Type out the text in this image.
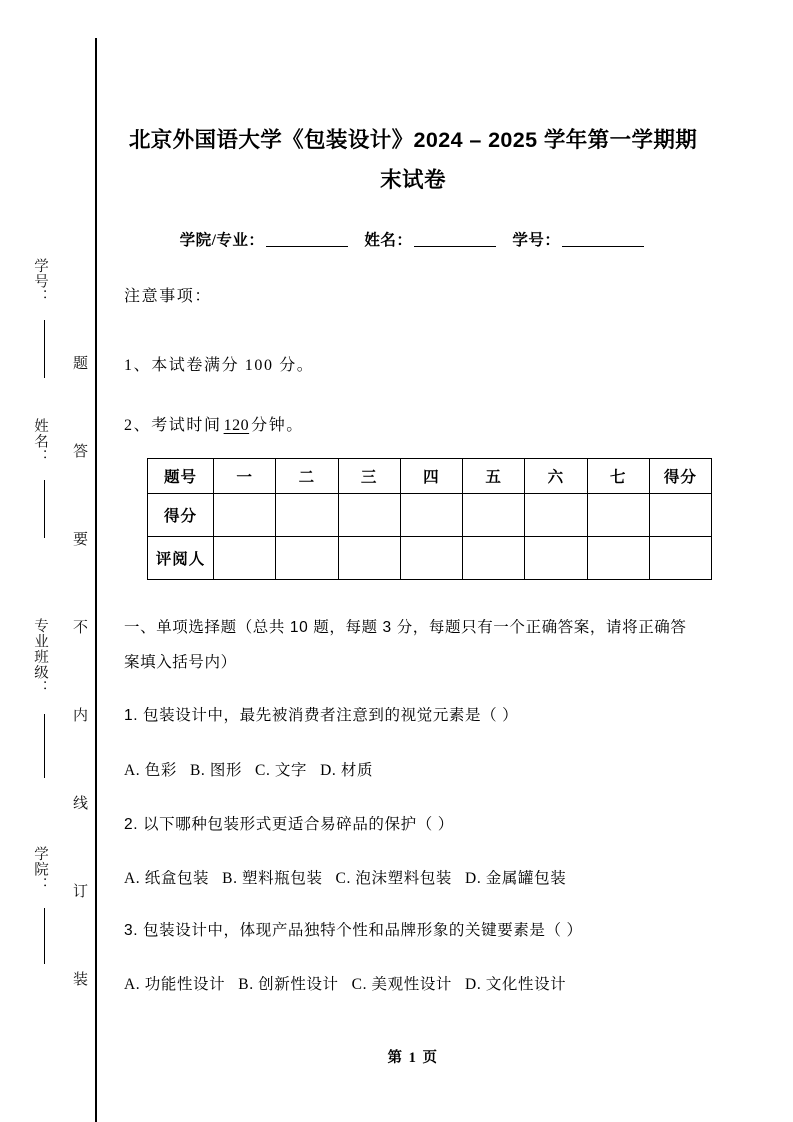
学号：
姓名：
专业班级：
学院：
题
答
要
不
内
线
订
装
北京外国语大学《包装设计》2024 – 2025 学年第一学期期末试卷
学院/专业：	姓名：	学号：
注意事项：
1、本试卷满分 100 分。
2、考试时间 120 分钟。
题号	一	二	三	四	五	六	七	得分
得分								
评阅人								
一、单项选择题（总共 10 题，每题 3 分，每题只有一个正确答案，请将正确答案填入括号内）
1. 包装设计中，最先被消费者注意到的视觉元素是（ ）
A. 色彩 B. 图形 C. 文字 D. 材质
2. 以下哪种包装形式更适合易碎品的保护（ ）
A. 纸盒包装 B. 塑料瓶包装 C. 泡沫塑料包装 D. 金属罐包装
3. 包装设计中，体现产品独特个性和品牌形象的关键要素是（ ）
A. 功能性设计 B. 创新性设计 C. 美观性设计 D. 文化性设计
第 1 页
